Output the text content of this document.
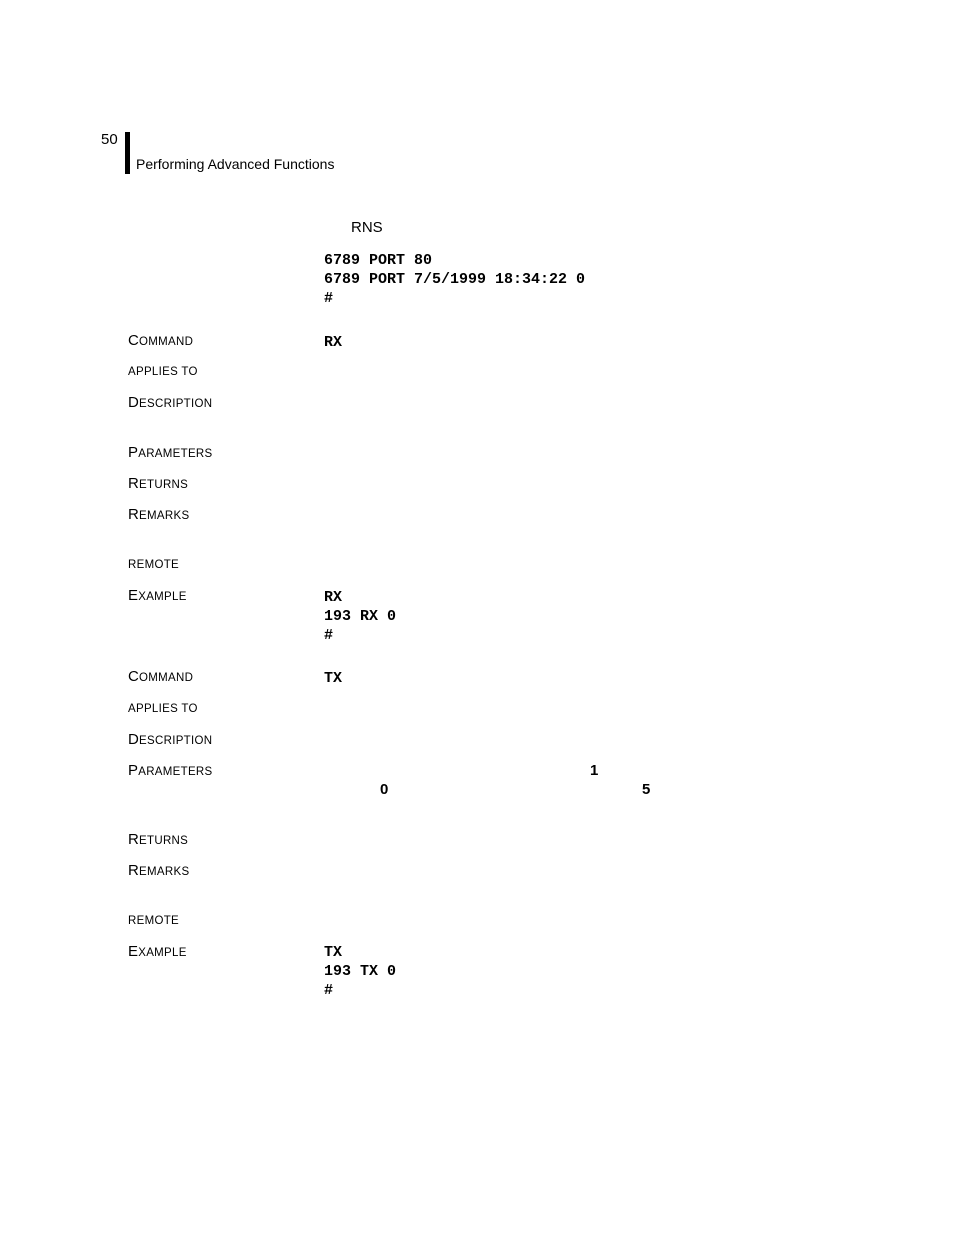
50
Performing Advanced Functions
RNS
6789 PORT 80
6789 PORT 7/5/1999 18:34:22 0
#
COMMAND	RX
APPLIES TO
DESCRIPTION
PARAMETERS
RETURNS
REMARKS
REMOTE
EXAMPLE	RX
193 RX 0
#
COMMAND	TX
APPLIES TO
DESCRIPTION
PARAMETERS	1
0	5
RETURNS
REMARKS
REMOTE
EXAMPLE	TX
193 TX 0
#
